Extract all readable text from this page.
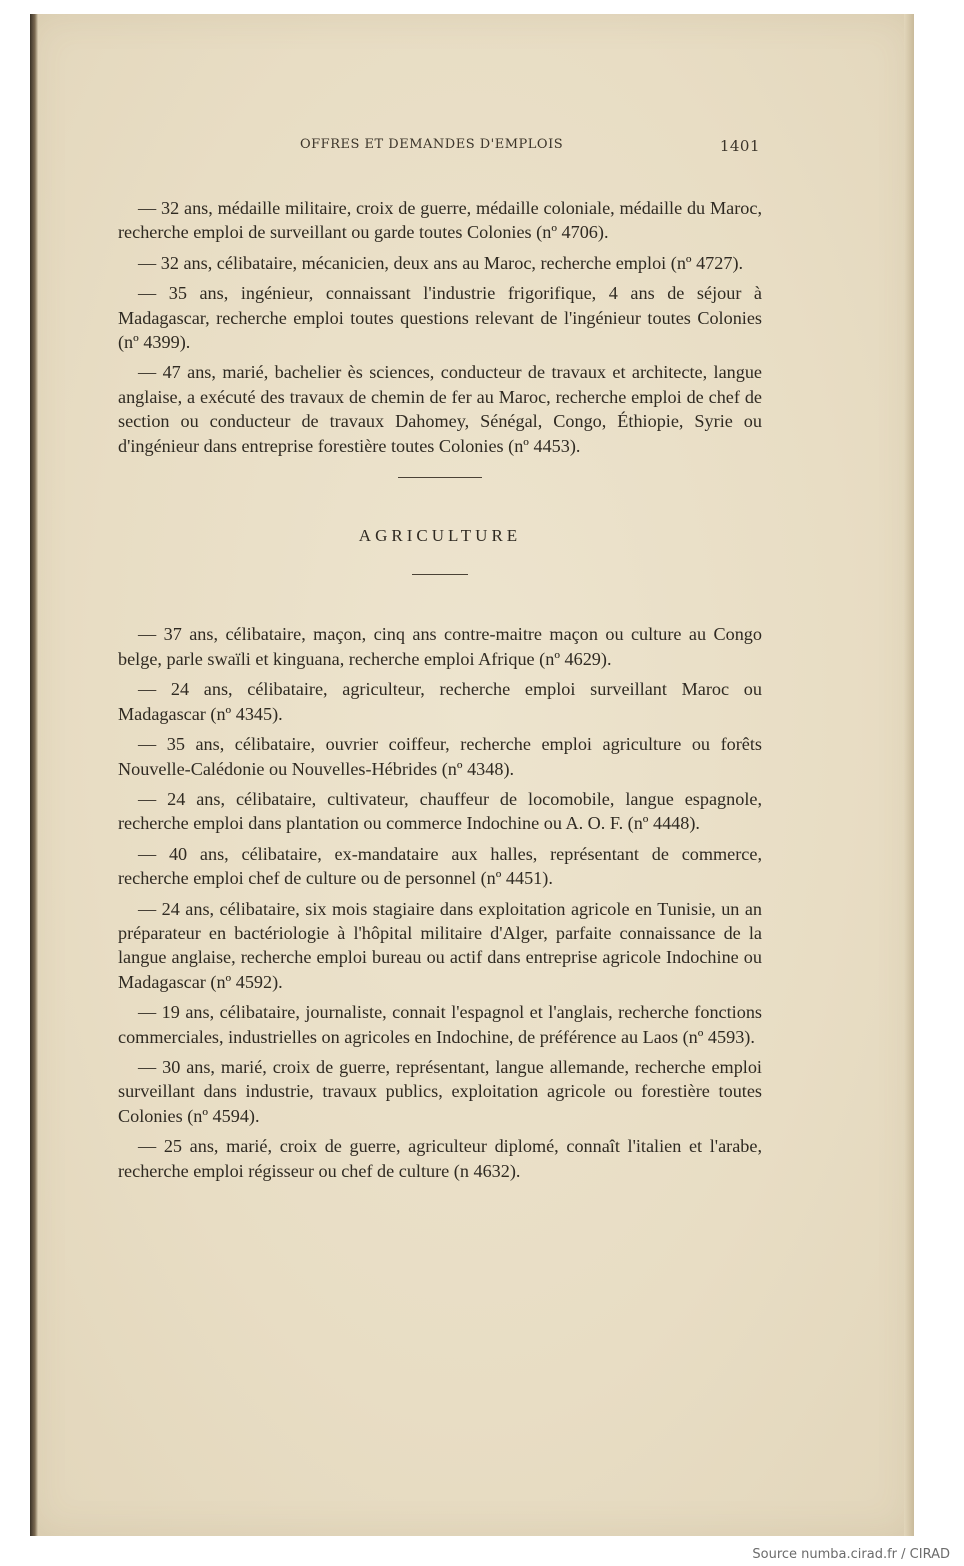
OFFRES ET DEMANDES D'EMPLOIS	1401

— 32 ans, médaille militaire, croix de guerre, médaille coloniale, médaille du Maroc, recherche emploi de surveillant ou garde toutes Colonies (nº 4706).

— 32 ans, célibataire, mécanicien, deux ans au Maroc, recherche emploi (nº 4727).

— 35 ans, ingénieur, connaissant l'industrie frigorifique, 4 ans de séjour à Madagascar, recherche emploi toutes questions relevant de l'ingénieur toutes Colonies (nº 4399).

— 47 ans, marié, bachelier ès sciences, conducteur de travaux et architecte, langue anglaise, a exécuté des travaux de chemin de fer au Maroc, recherche emploi de chef de section ou conducteur de travaux Dahomey, Sénégal, Congo, Éthiopie, Syrie ou d'ingénieur dans entreprise forestière toutes Colonies (nº 4453).

AGRICULTURE

— 37 ans, célibataire, maçon, cinq ans contre-maitre maçon ou culture au Congo belge, parle swaïli et kinguana, recherche emploi Afrique (nº 4629).

— 24 ans, célibataire, agriculteur, recherche emploi surveillant Maroc ou Madagascar (nº 4345).

— 35 ans, célibataire, ouvrier coiffeur, recherche emploi agriculture ou forêts Nouvelle-Calédonie ou Nouvelles-Hébrides (nº 4348).

— 24 ans, célibataire, cultivateur, chauffeur de locomobile, langue espagnole, recherche emploi dans plantation ou commerce Indochine ou A. O. F. (nº 4448).

— 40 ans, célibataire, ex-mandataire aux halles, représentant de commerce, recherche emploi chef de culture ou de personnel (nº 4451).

— 24 ans, célibataire, six mois stagiaire dans exploitation agricole en Tunisie, un an préparateur en bactériologie à l'hôpital militaire d'Alger, parfaite connaissance de la langue anglaise, recherche emploi bureau ou actif dans entreprise agricole Indochine ou Madagascar (nº 4592).

— 19 ans, célibataire, journaliste, connait l'espagnol et l'anglais, recherche fonctions commerciales, industrielles on agricoles en Indochine, de préférence au Laos (nº 4593).

— 30 ans, marié, croix de guerre, représentant, langue allemande, recherche emploi surveillant dans industrie, travaux publics, exploitation agricole ou forestière toutes Colonies (nº 4594).

— 25 ans, marié, croix de guerre, agriculteur diplomé, connaît l'italien et l'arabe, recherche emploi régisseur ou chef de culture (n 4632).

Source numba.cirad.fr / CIRAD
